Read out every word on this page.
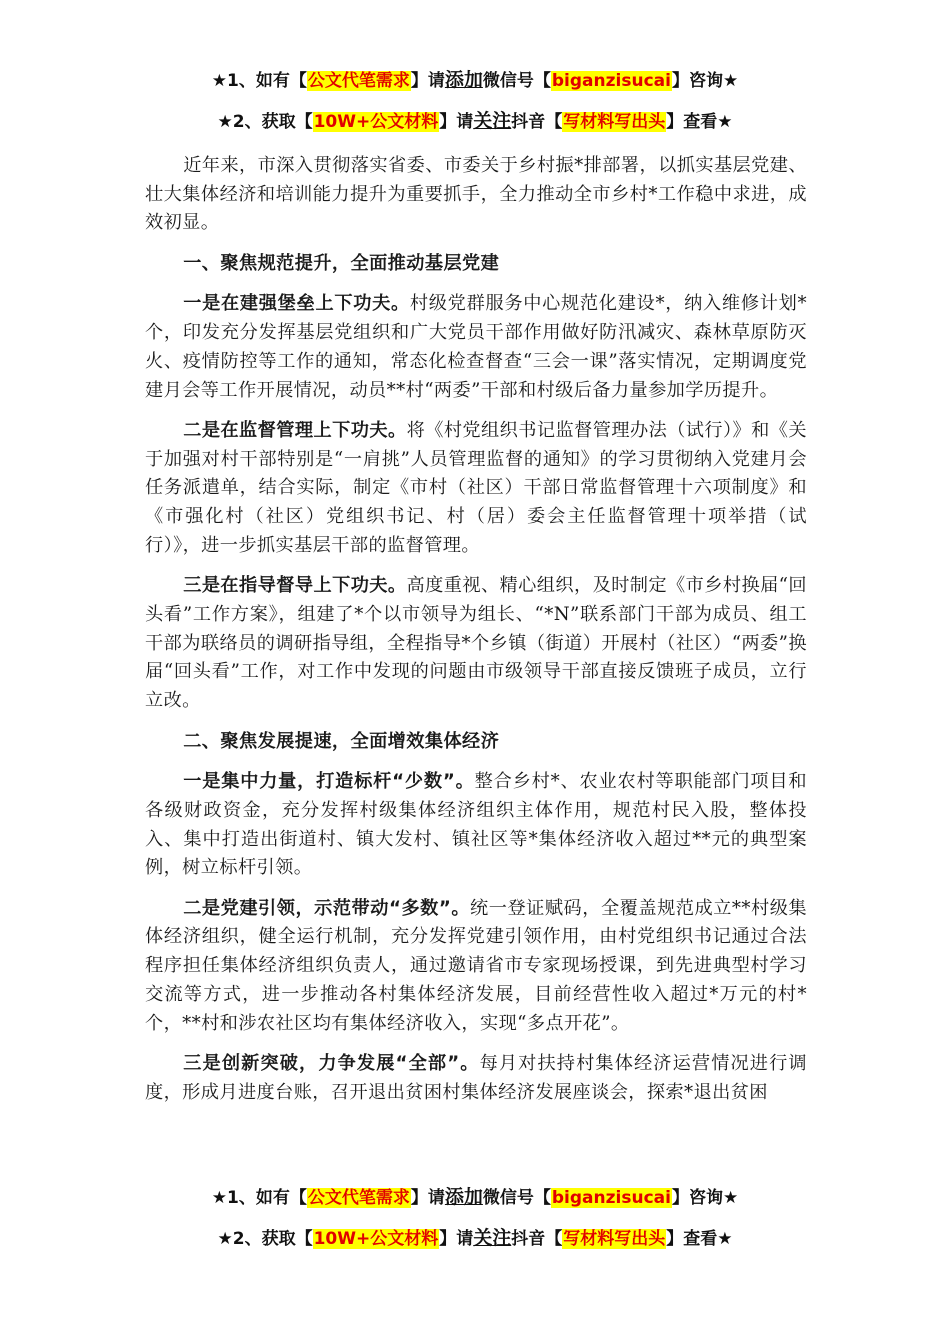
★1、如有【公文代笔需求】请添加微信号【biganzisucai】咨询★
★2、获取【10W+公文材料】请关注抖音【写材料写出头】查看★

近年来，市深入贯彻落实省委、市委关于乡村振*排部署，以抓实基层党建、壮大集体经济和培训能力提升为重要抓手，全力推动全市乡村*工作稳中求进，成效初显。

一、聚焦规范提升，全面推动基层党建

一是在建强堡垒上下功夫。村级党群服务中心规范化建设*，纳入维修计划*个，印发充分发挥基层党组织和广大党员干部作用做好防汛减灾、森林草原防灭火、疫情防控等工作的通知，常态化检查督查“三会一课”落实情况，定期调度党建月会等工作开展情况，动员**村“两委”干部和村级后备力量参加学历提升。

二是在监督管理上下功夫。将《村党组织书记监督管理办法（试行）》和《关于加强对村干部特别是“一肩挑”人员管理监督的通知》的学习贯彻纳入党建月会任务派遣单，结合实际，制定《市村（社区）干部日常监督管理十六项制度》和《市强化村（社区）党组织书记、村（居）委会主任监督管理十项举措（试行）》，进一步抓实基层干部的监督管理。

三是在指导督导上下功夫。高度重视、精心组织，及时制定《市乡村换届“回头看”工作方案》，组建了*个以市领导为组长、“*N”联系部门干部为成员、组工干部为联络员的调研指导组，全程指导*个乡镇（街道）开展村（社区）“两委”换届“回头看”工作，对工作中发现的问题由市级领导干部直接反馈班子成员，立行立改。

二、聚焦发展提速，全面增效集体经济

一是集中力量，打造标杆“少数”。整合乡村*、农业农村等职能部门项目和各级财政资金，充分发挥村级集体经济组织主体作用，规范村民入股，整体投入、集中打造出街道村、镇大发村、镇社区等*集体经济收入超过**元的典型案例，树立标杆引领。

二是党建引领，示范带动“多数”。统一登证赋码，全覆盖规范成立**村级集体经济组织，健全运行机制，充分发挥党建引领作用，由村党组织书记通过合法程序担任集体经济组织负责人，通过邀请省市专家现场授课，到先进典型村学习交流等方式，进一步推动各村集体经济发展，目前经营性收入超过*万元的村*个，**村和涉农社区均有集体经济收入，实现“多点开花”。

三是创新突破，力争发展“全部”。每月对扶持村集体经济运营情况进行调度，形成月进度台账，召开退出贫困村集体经济发展座谈会，探索*退出贫困

★1、如有【公文代笔需求】请添加微信号【biganzisucai】咨询★
★2、获取【10W+公文材料】请关注抖音【写材料写出头】查看★
